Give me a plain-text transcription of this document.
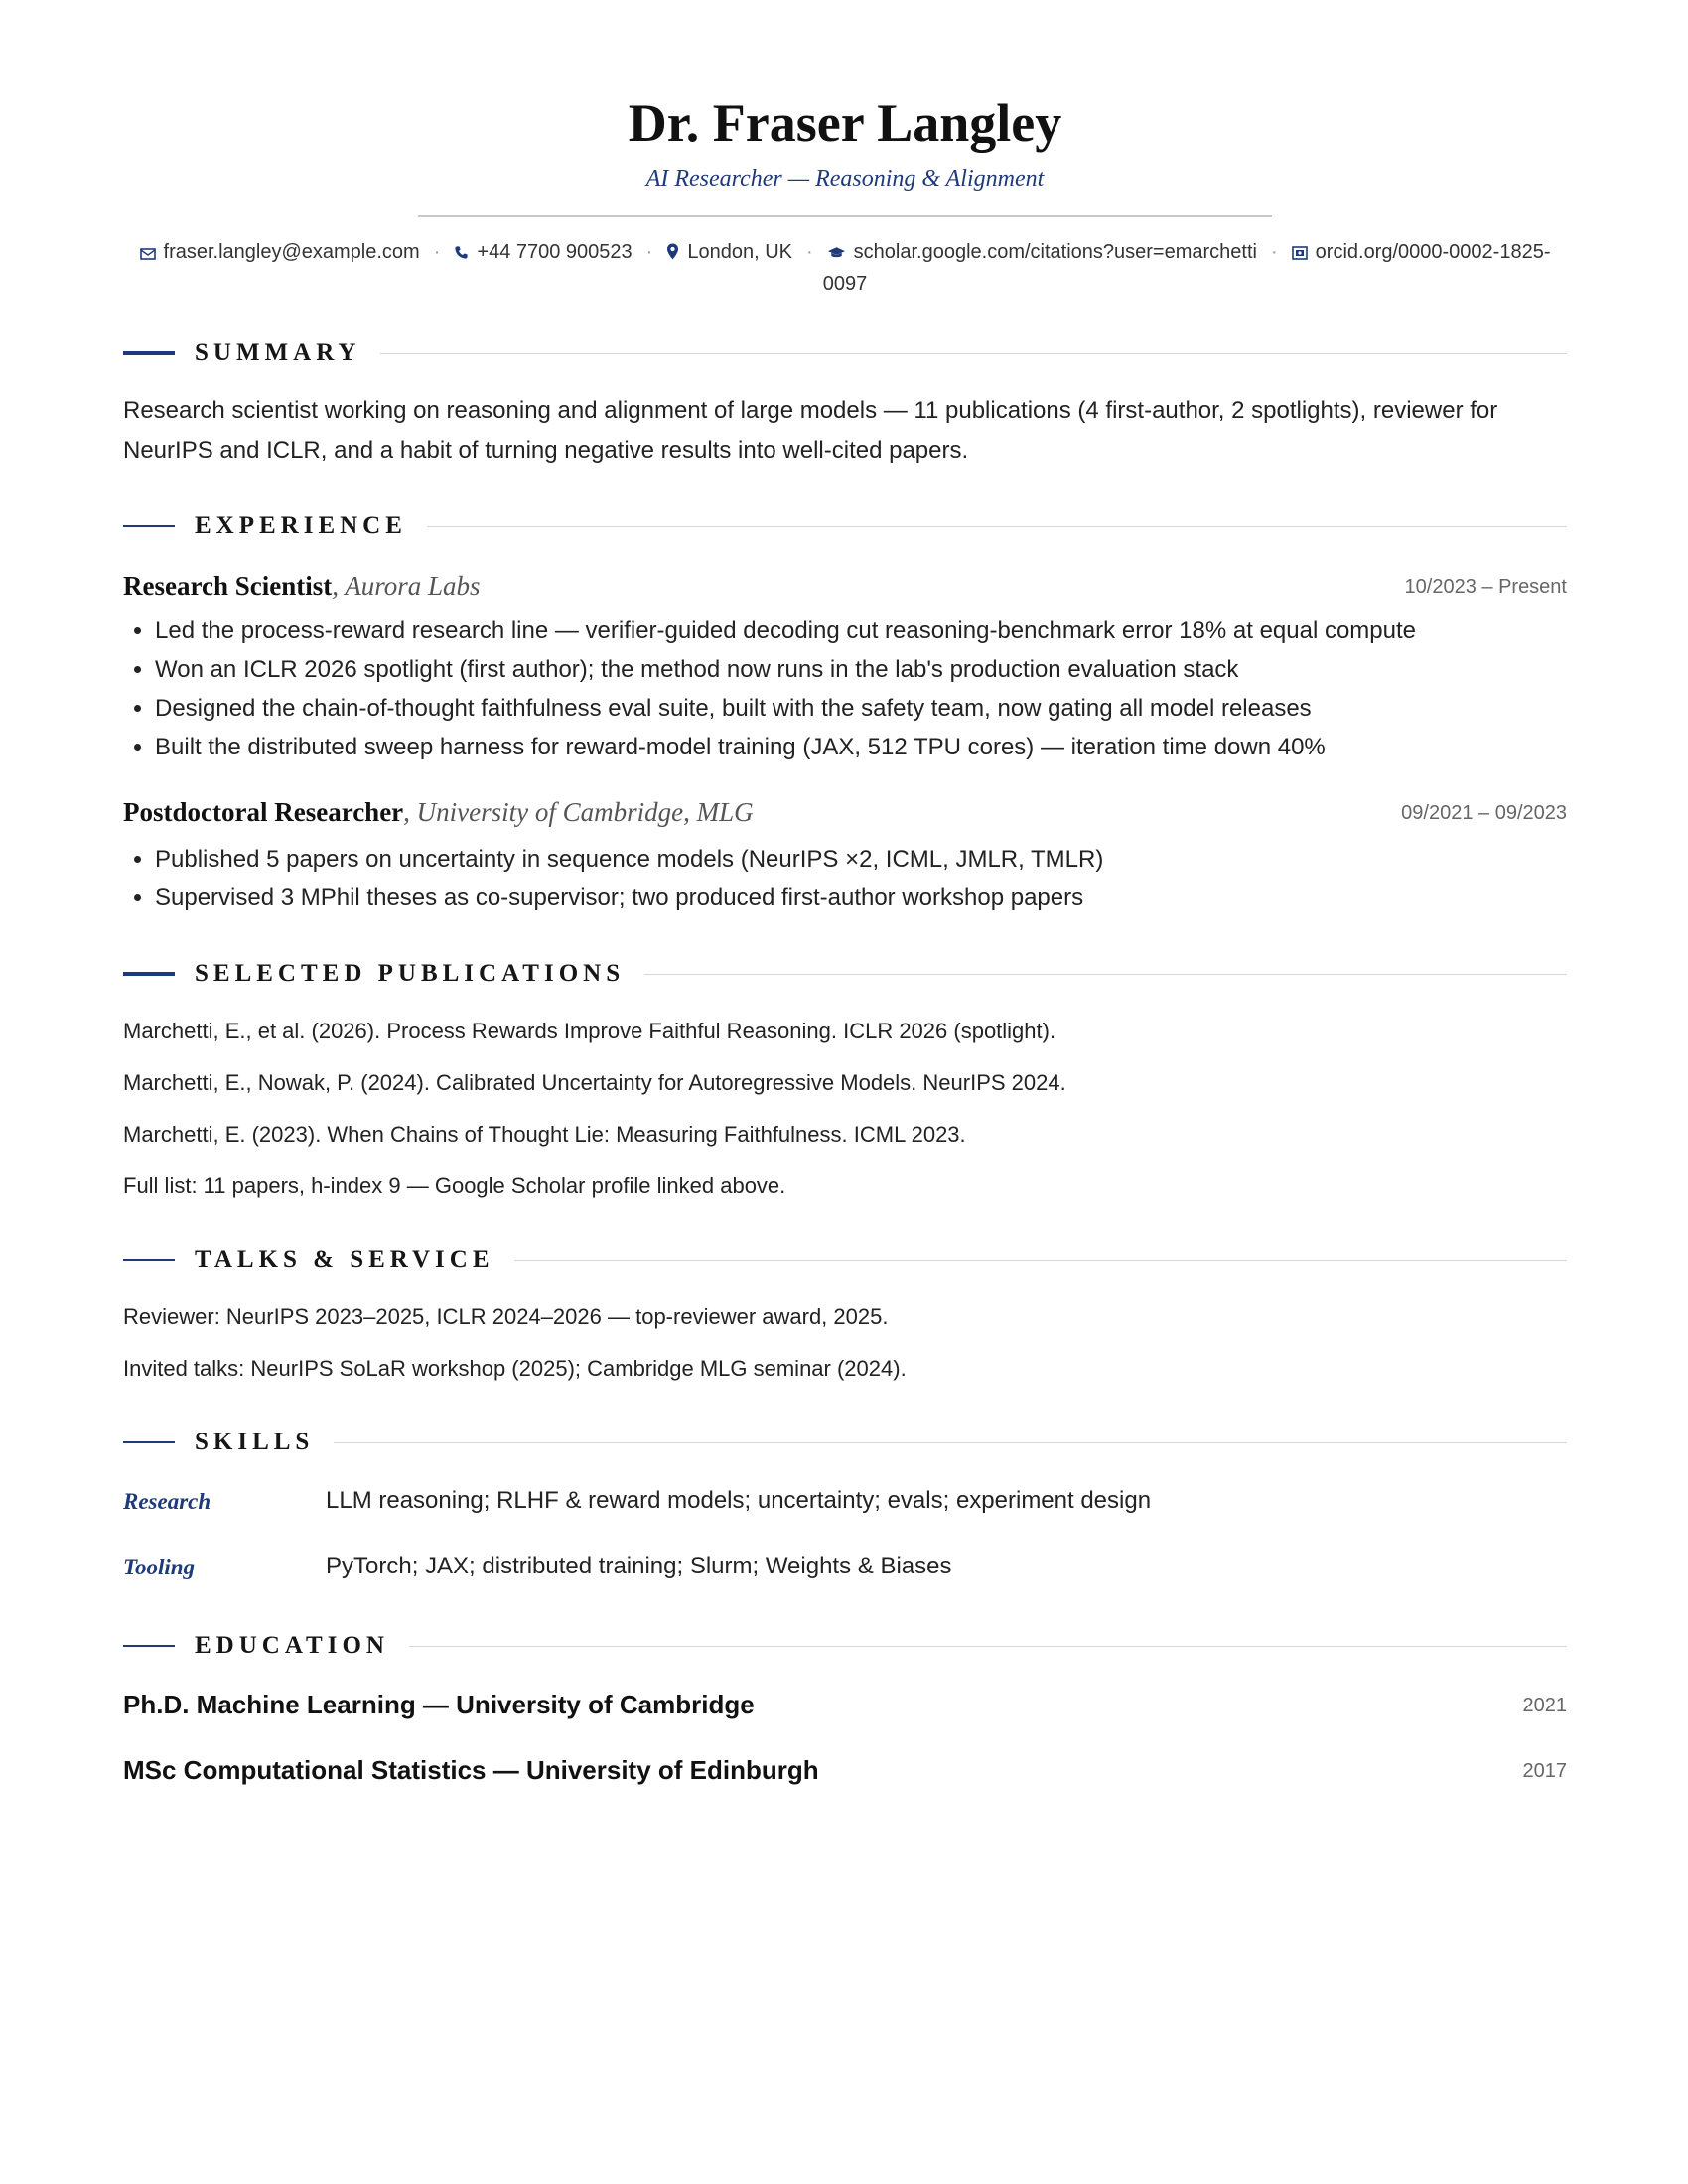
Dr. Fraser Langley
AI Researcher — Reasoning & Alignment
fraser.langley@example.com · +44 7700 900523 · London, UK · scholar.google.com/citations?user=emarchetti · orcid.org/0000-0002-1825-0097
SUMMARY
Research scientist working on reasoning and alignment of large models — 11 publications (4 first-author, 2 spotlights), reviewer for NeurIPS and ICLR, and a habit of turning negative results into well-cited papers.
EXPERIENCE
Research Scientist, Aurora Labs	10/2023 – Present
• Led the process-reward research line — verifier-guided decoding cut reasoning-benchmark error 18% at equal compute
• Won an ICLR 2026 spotlight (first author); the method now runs in the lab's production evaluation stack
• Designed the chain-of-thought faithfulness eval suite, built with the safety team, now gating all model releases
• Built the distributed sweep harness for reward-model training (JAX, 512 TPU cores) — iteration time down 40%
Postdoctoral Researcher, University of Cambridge, MLG	09/2021 – 09/2023
• Published 5 papers on uncertainty in sequence models (NeurIPS ×2, ICML, JMLR, TMLR)
• Supervised 3 MPhil theses as co-supervisor; two produced first-author workshop papers
SELECTED PUBLICATIONS
Marchetti, E., et al. (2026). Process Rewards Improve Faithful Reasoning. ICLR 2026 (spotlight).
Marchetti, E., Nowak, P. (2024). Calibrated Uncertainty for Autoregressive Models. NeurIPS 2024.
Marchetti, E. (2023). When Chains of Thought Lie: Measuring Faithfulness. ICML 2023.
Full list: 11 papers, h-index 9 — Google Scholar profile linked above.
TALKS & SERVICE
Reviewer: NeurIPS 2023–2025, ICLR 2024–2026 — top-reviewer award, 2025.
Invited talks: NeurIPS SoLaR workshop (2025); Cambridge MLG seminar (2024).
SKILLS
Research	LLM reasoning; RLHF & reward models; uncertainty; evals; experiment design
Tooling	PyTorch; JAX; distributed training; Slurm; Weights & Biases
EDUCATION
Ph.D. Machine Learning — University of Cambridge	2021
MSc Computational Statistics — University of Edinburgh	2017
